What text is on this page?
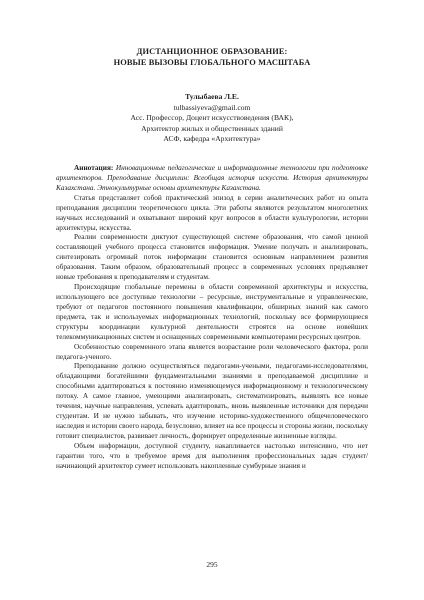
ДИСТАНЦИОННОЕ ОБРАЗОВАНИЕ:
НОВЫЕ ВЫЗОВЫ ГЛОБАЛЬНОГО МАСШТАБА
Тулыбаева Л.Е.
tulbassiyeva@gmail.com
Асс. Профессор, Доцент искусствоведения (ВАК),
Архитектор жилых и общественных зданий
АСФ, кафедра «Архитектура»

Аннотация: Инновационные педагогические и информационные технологии при подготовке архитекторов. Преподавание дисциплин: Всеобщая история искусств. История архитектуры Казахстана. Этнокультурные основы архитектуры Казахстана.

Статья представляет собой практический эпизод в серии аналитических работ из опыта преподавания дисциплин теоретического цикла. Эти работы являются результатом многолетних научных исследований и охватывают широкий круг вопросов в области культурологии, истории архитектуры, искусства.

Реалии современности диктуют существующей системе образования, что самой ценной составляющей учебного процесса становится информация. Умение получать и анализировать, синтезировать огромный поток информации становится основным направлением развития образования. Таким образом, образовательный процесс в современных условиях предъявляет новые требования к преподавателям и студентам.

Происходящие глобальные перемены в области современной архитектуры и искусства, использующего все доступные технологии – ресурсные, инструментальные и управленческие, требуют от педагогов постоянного повышения квалификации, обширных знаний как самого предмета, так и используемых информационных технологий, поскольку все формирующиеся структуры координации культурной деятельности строятся на основе новейших телекоммуникационных систем и оснащенных современными компьютерами ресурсных центров.

Особенностью современного этапа является возрастание роли человеческого фактора, роли педагога-ученого.

Преподавание должно осуществляться педагогами-учеными, педагогами-исследователями, обладающими богатейшими фундаментальными знаниями в преподаваемой дисциплине и способными адаптироваться к постоянно изменяющемуся информационному и технологическому потоку. А самое главное, умеющими анализировать, систематизировать, выявлять все новые течения, научные направления, успевать адаптировать, вновь выявленные источники для передачи студентам. И не нужно забывать, что изучение историко-художественного общечеловеческого наследия и истории своего народа, безусловно, влияет на все процессы и стороны жизни, поскольку готовит специалистов, развивает личность, формирует определенные жизненные взгляды.

Объем информации, доступной студенту, накапливается настолько интенсивно, что нет гарантии того, что в требуемое время для выполнения профессиональных задач студент/начинающий архитектор сумеет использовать накопленные сумбурные знания и

295
